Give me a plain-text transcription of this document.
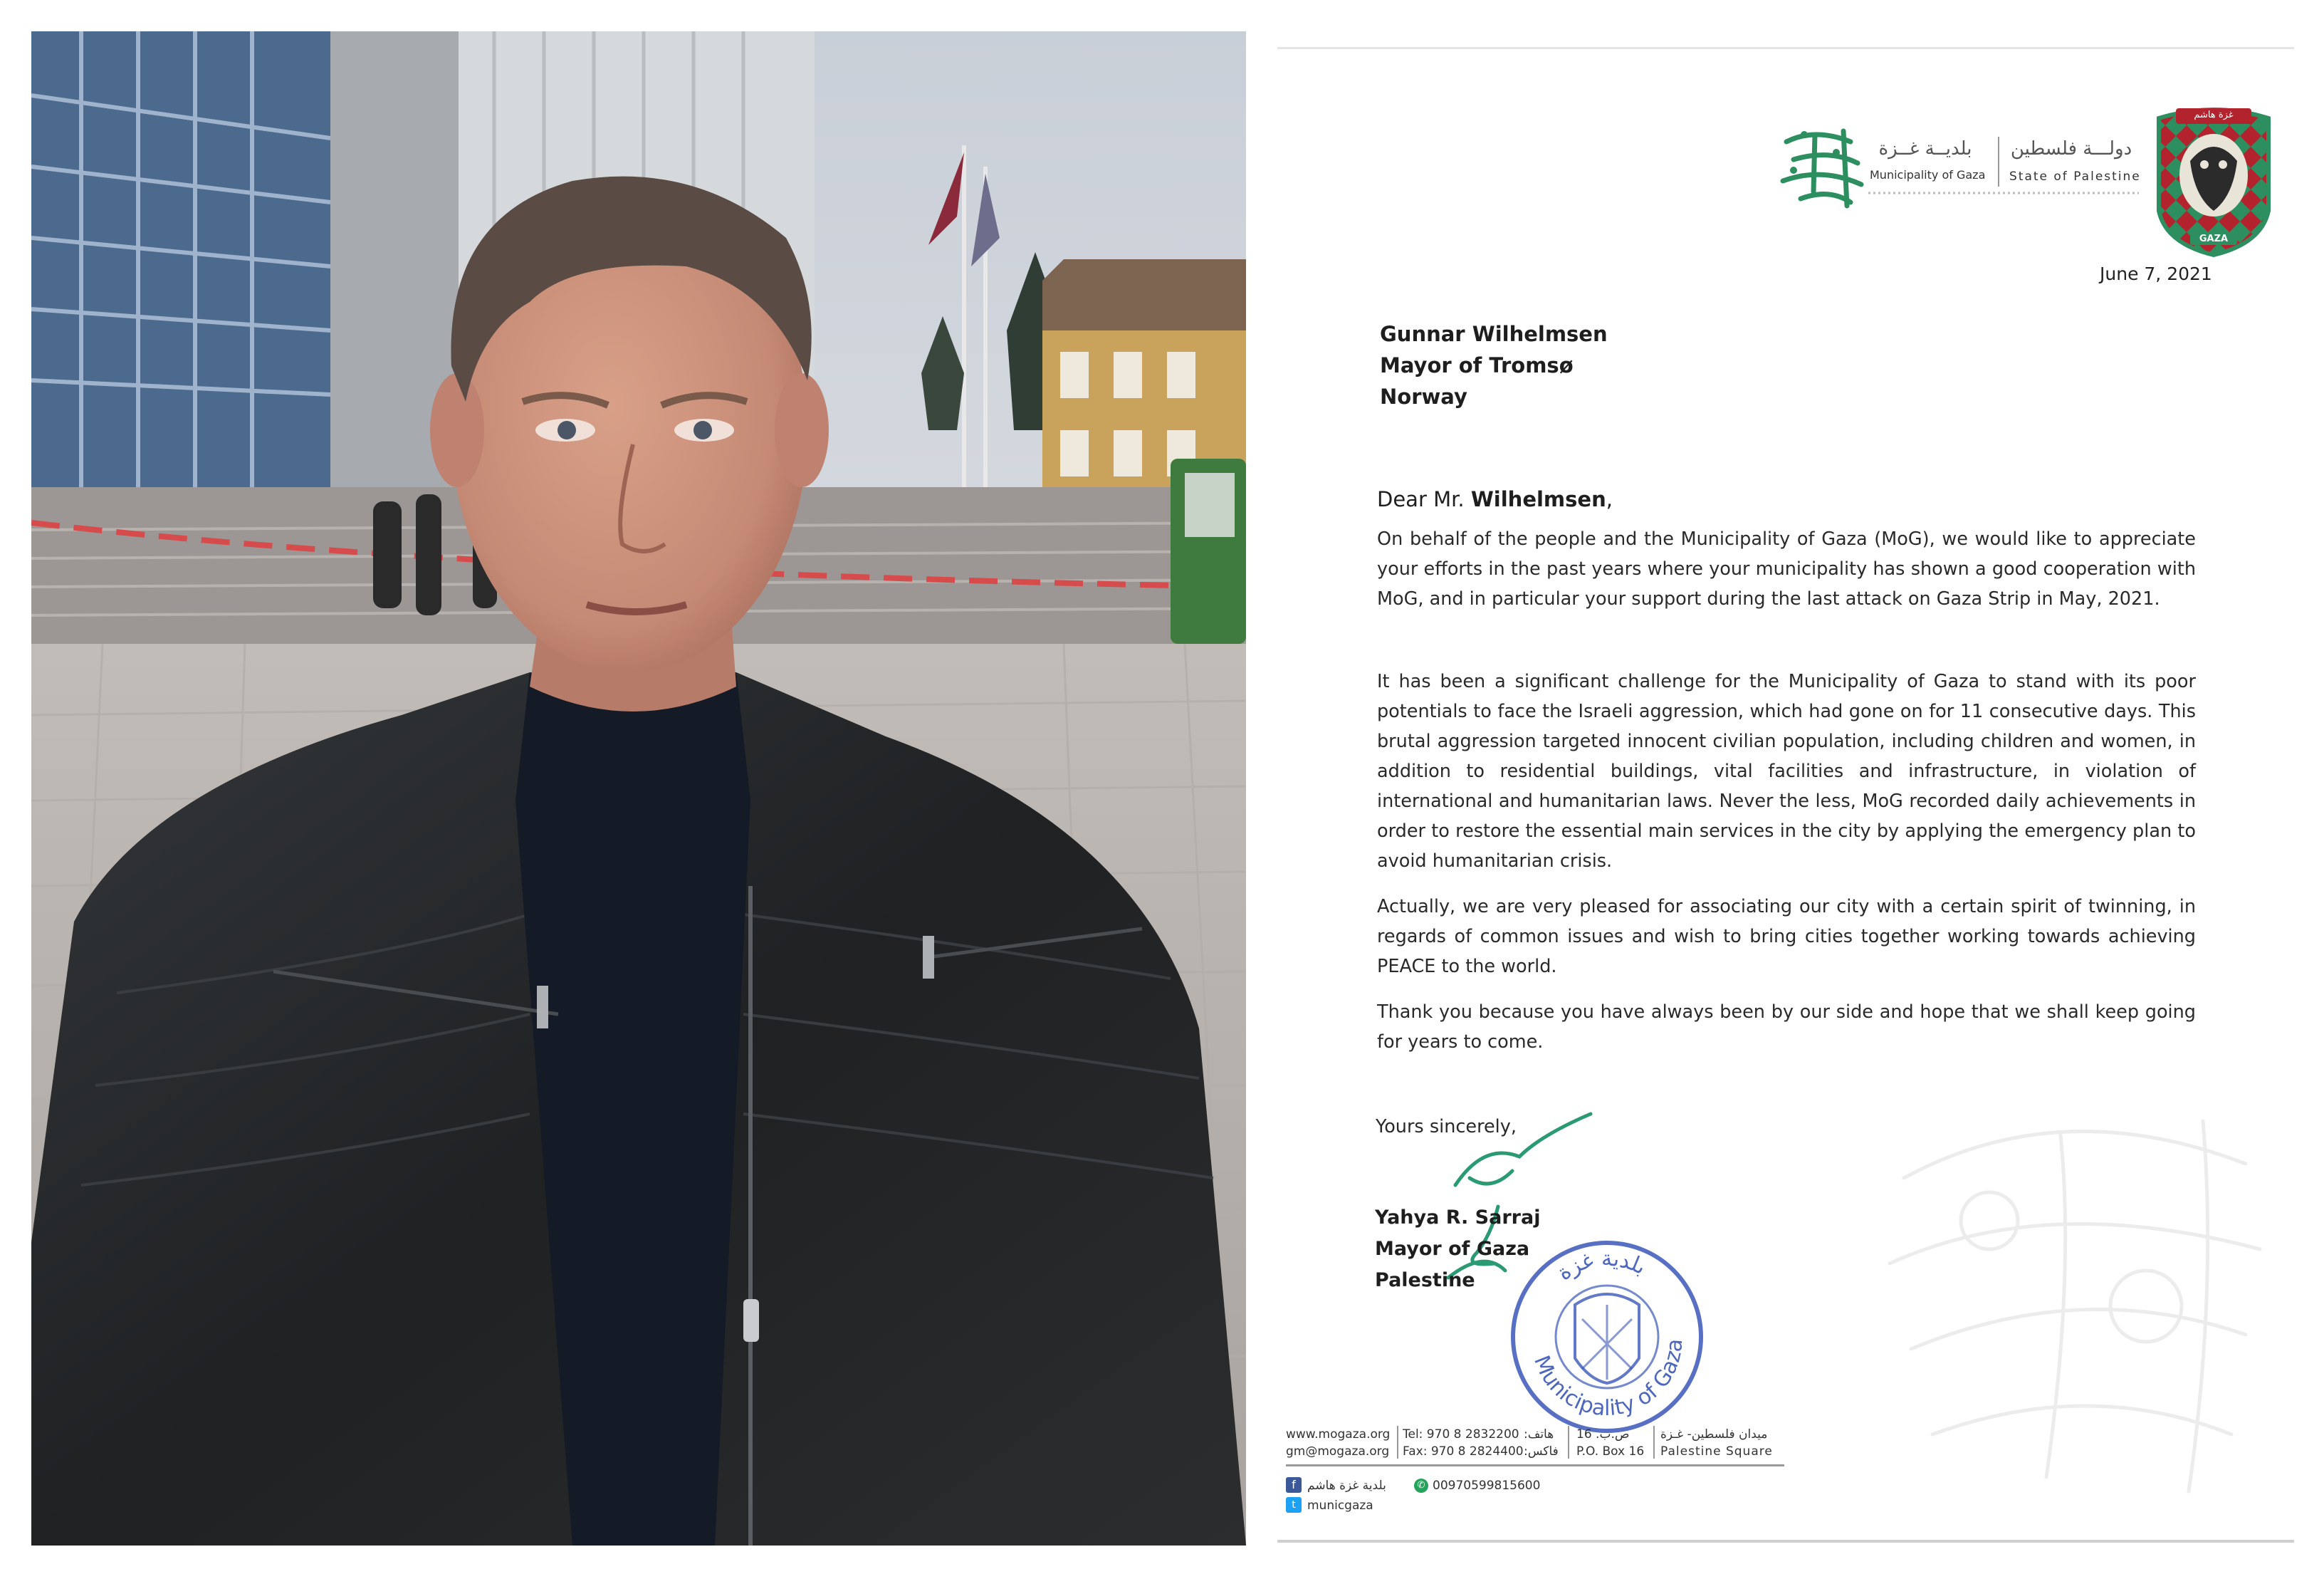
بلديــة غــزة
Municipality of Gaza
دولـــة فلسطين
State of Palestine
غزة هاشم
GAZA
June 7, 2021
Gunnar Wilhelmsen
Mayor of Tromsø
Norway
Dear Mr. Wilhelmsen,

On behalf of the people and the Municipality of Gaza (MoG), we would like to appreciate your efforts in the past years where your municipality has shown a good cooperation with MoG, and in particular your support during the last attack on Gaza Strip in May, 2021.

It has been a significant challenge for the Municipality of Gaza to stand with its poor potentials to face the Israeli aggression, which had gone on for 11 consecutive days. This brutal aggression targeted innocent civilian population, including children and women, in addition to residential buildings, vital facilities and infrastructure, in violation of international and humanitarian laws. Never the less, MoG recorded daily achievements in order to restore the essential main services in the city by applying the emergency plan to avoid humanitarian crisis.

Actually, we are very pleased for associating our city with a certain spirit of twinning, in regards of common issues and wish to bring cities together working towards achieving PEACE to the world.

Thank you because you have always been by our side and hope that we shall keep going for years to come.

Yours sincerely,
Yahya R. Sarraj
Mayor of Gaza
Palestine
Municipality of Gaza
بلدية غزة
www.mogaza.org
gm@mogaza.org
Tel: 970 8 2832200
Fax: 970 8 2824400
هاتف:
فاكس:
ص.ب. 16
P.O. Box 16
ميدان فلسطين- غـزة
Palestine Square
f بلدية غزة هاشم	✆ 00970599815600
t municgaza
